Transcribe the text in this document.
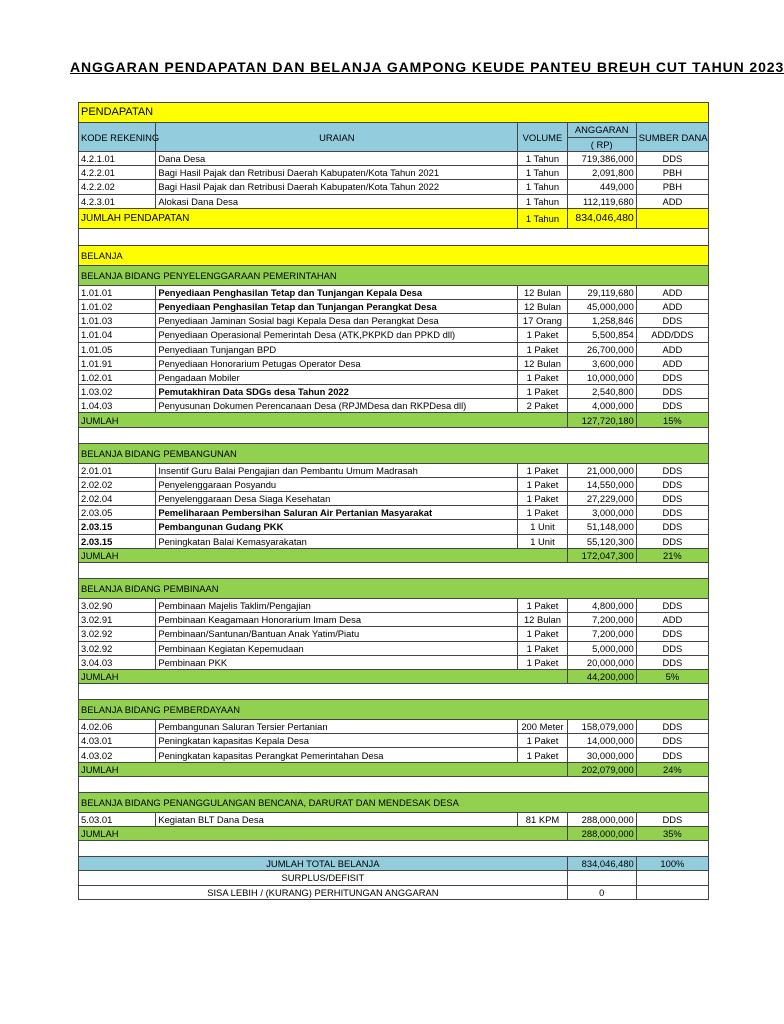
ANGGARAN PENDAPATAN DAN BELANJA GAMPONG KEUDE PANTEU BREUH CUT TAHUN 2023
PENDAPATAN				
KODE REKENING	URAIAN	VOLUME	ANGGARAN	SUMBER DANA
			( RP)	
4.2.1.01	Dana Desa	1 Tahun	719,386,000	DDS
4.2.2.01	Bagi Hasil Pajak dan Retribusi Daerah Kabupaten/Kota Tahun 2021	1 Tahun	2,091,800	PBH
4.2.2.02	Bagi Hasil Pajak dan Retribusi Daerah Kabupaten/Kota Tahun 2022	1 Tahun	449,000	PBH
4.2.3.01	Alokasi Dana Desa	1 Tahun	112,119,680	ADD
JUMLAH PENDAPATAN		1 Tahun	834,046,480	

BELANJA				
BELANJA BIDANG PENYELENGGARAAN PEMERINTAHAN				
1.01.01	Penyediaan Penghasilan Tetap dan Tunjangan Kepala Desa	12 Bulan	29,119,680	ADD
1.01.02	Penyediaan Penghasilan Tetap dan Tunjangan Perangkat Desa	12 Bulan	45,000,000	ADD
1.01.03	Penyediaan Jaminan Sosial bagi Kepala Desa dan Perangkat Desa	17 Orang	1,258,846	DDS
1.01.04	Penyediaan Operasional Pemerintah Desa (ATK,PKPKD dan PPKD dll)	1 Paket	5,500,854	ADD/DDS
1.01.05	Penyediaan Tunjangan BPD	1 Paket	26,700,000	ADD
1.01.91	Penyediaan Honorarium Petugas Operator Desa	12 Bulan	3,600,000	ADD
1.02.01	Pengadaan Mobiler	1 Paket	10,000,000	DDS
1.03.02	Pemutakhiran Data SDGs desa Tahun 2022	1 Paket	2,540,800	DDS
1.04.03	Penyusunan Dokumen Perencanaan Desa (RPJMDesa dan RKPDesa dll)	2 Paket	4,000,000	DDS
JUMLAH			127,720,180	15%

BELANJA BIDANG PEMBANGUNAN				
2.01.01	Insentif Guru Balai Pengajian dan Pembantu Umum Madrasah	1 Paket	21,000,000	DDS
2.02.02	Penyelenggaraan Posyandu	1 Paket	14,550,000	DDS
2.02.04	Penyelenggaraan Desa Siaga Kesehatan	1 Paket	27,229,000	DDS
2.03.05	Pemeliharaan Pembersihan Saluran Air Pertanian Masyarakat	1 Paket	3,000,000	DDS
2.03.15	Pembangunan Gudang PKK	1 Unit	51,148,000	DDS
2.03.15	Peningkatan Balai Kemasyarakatan	1 Unit	55,120,300	DDS
JUMLAH			172,047,300	21%

BELANJA BIDANG PEMBINAAN				
3.02.90	Pembinaan Majelis Taklim/Pengajian	1 Paket	4,800,000	DDS
3.02.91	Pembinaan Keagamaan Honorarium Imam Desa	12 Bulan	7,200,000	ADD
3.02.92	Pembinaan/Santunan/Bantuan Anak Yatim/Piatu	1 Paket	7,200,000	DDS
3.02.92	Pembinaan Kegiatan Kepemudaan	1 Paket	5,000,000	DDS
3.04.03	Pembinaan PKK	1 Paket	20,000,000	DDS
JUMLAH			44,200,000	5%

BELANJA BIDANG PEMBERDAYAAN				
4.02.06	Pembangunan Saluran Tersier Pertanian	200 Meter	158,079,000	DDS
4.03.01	Peningkatan kapasitas Kepala Desa	1 Paket	14,000,000	DDS
4.03.02	Peningkatan kapasitas Perangkat Pemerintahan Desa	1 Paket	30,000,000	DDS
JUMLAH			202,079,000	24%

BELANJA BIDANG PENANGGULANGAN BENCANA, DARURAT DAN MENDESAK DESA				
5.03.01	Kegiatan BLT Dana Desa	81 KPM	288,000,000	DDS
JUMLAH			288,000,000	35%

JUMLAH TOTAL BELANJA			834,046,480	100%
SURPLUS/DEFISIT				
SISA LEBIH / (KURANG) PERHITUNGAN ANGGARAN			0	
